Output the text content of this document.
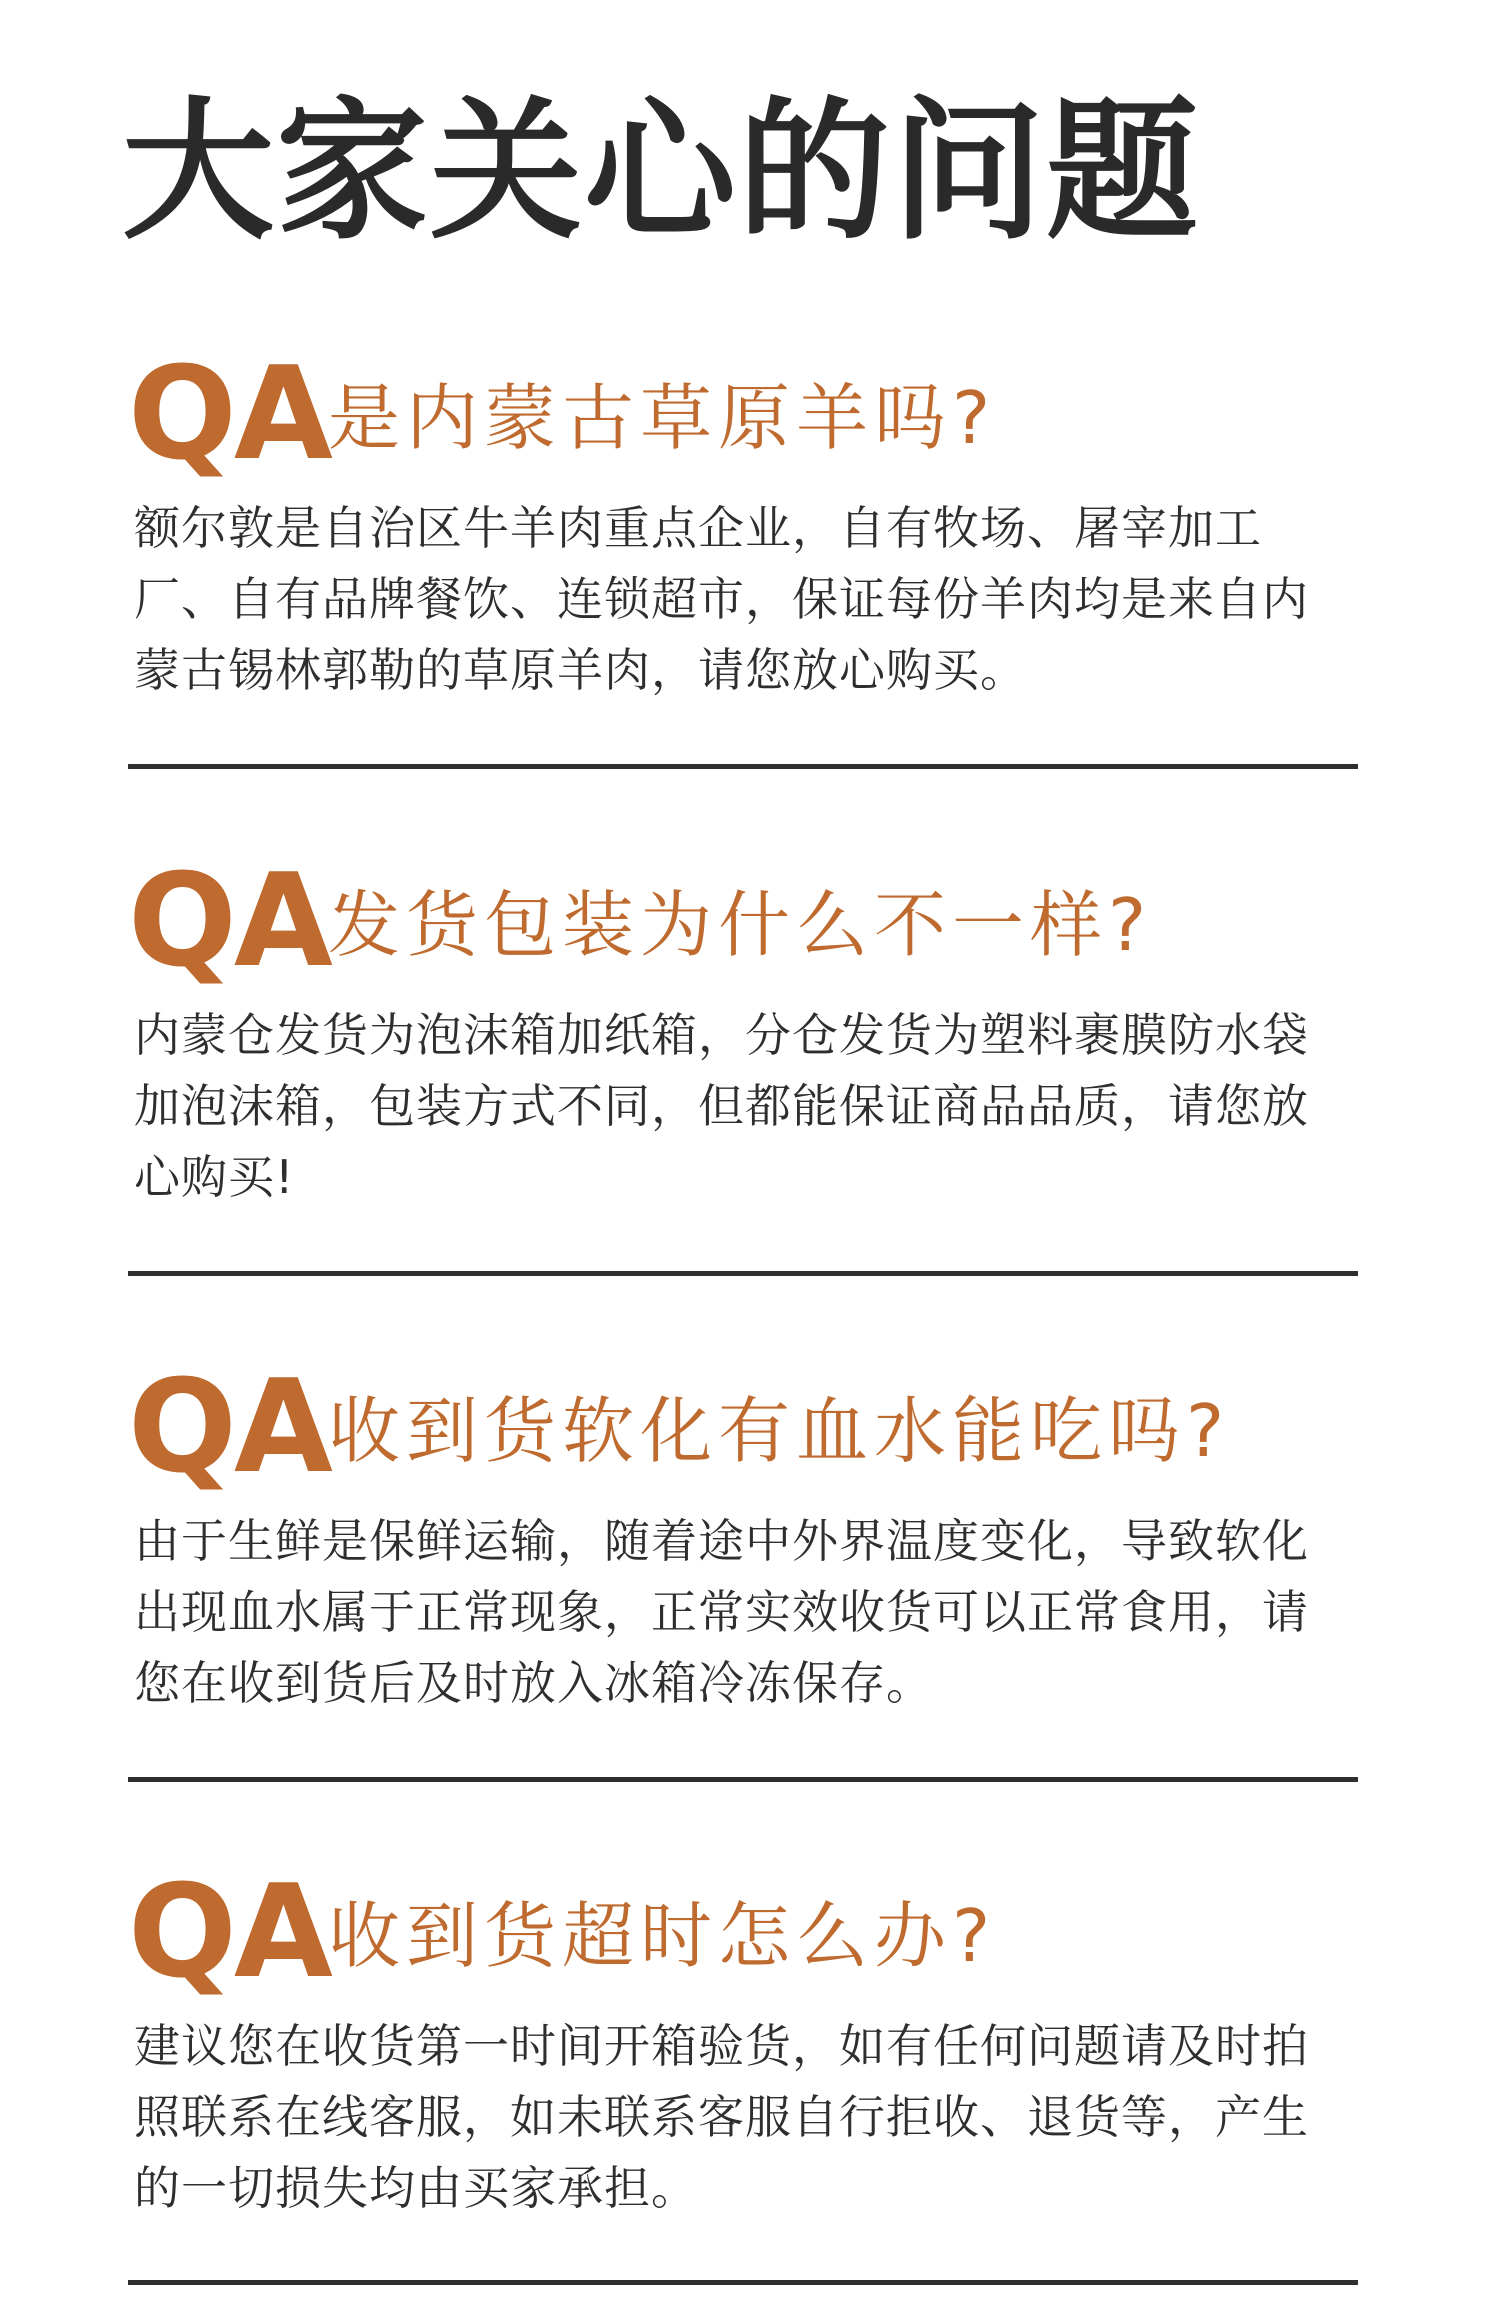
大家关心的问题
QA
是内蒙古草原羊吗?

额尔敦是自治区牛羊肉重点企业，自有牧场、屠宰加工厂、自有品牌餐饮、连锁超市，保证每份羊肉均是来自内蒙古锡林郭勒的草原羊肉，请您放心购买。

QA
发货包装为什么不一样?

内蒙仓发货为泡沫箱加纸箱，分仓发货为塑料裹膜防水袋加泡沫箱，包装方式不同，但都能保证商品品质，请您放心购买!

QA
收到货软化有血水能吃吗?

由于生鲜是保鲜运输，随着途中外界温度变化，导致软化出现血水属于正常现象，正常实效收货可以正常食用，请您在收到货后及时放入冰箱冷冻保存。

QA
收到货超时怎么办?

建议您在收货第一时间开箱验货，如有任何问题请及时拍照联系在线客服，如未联系客服自行拒收、退货等，产生的一切损失均由买家承担。
